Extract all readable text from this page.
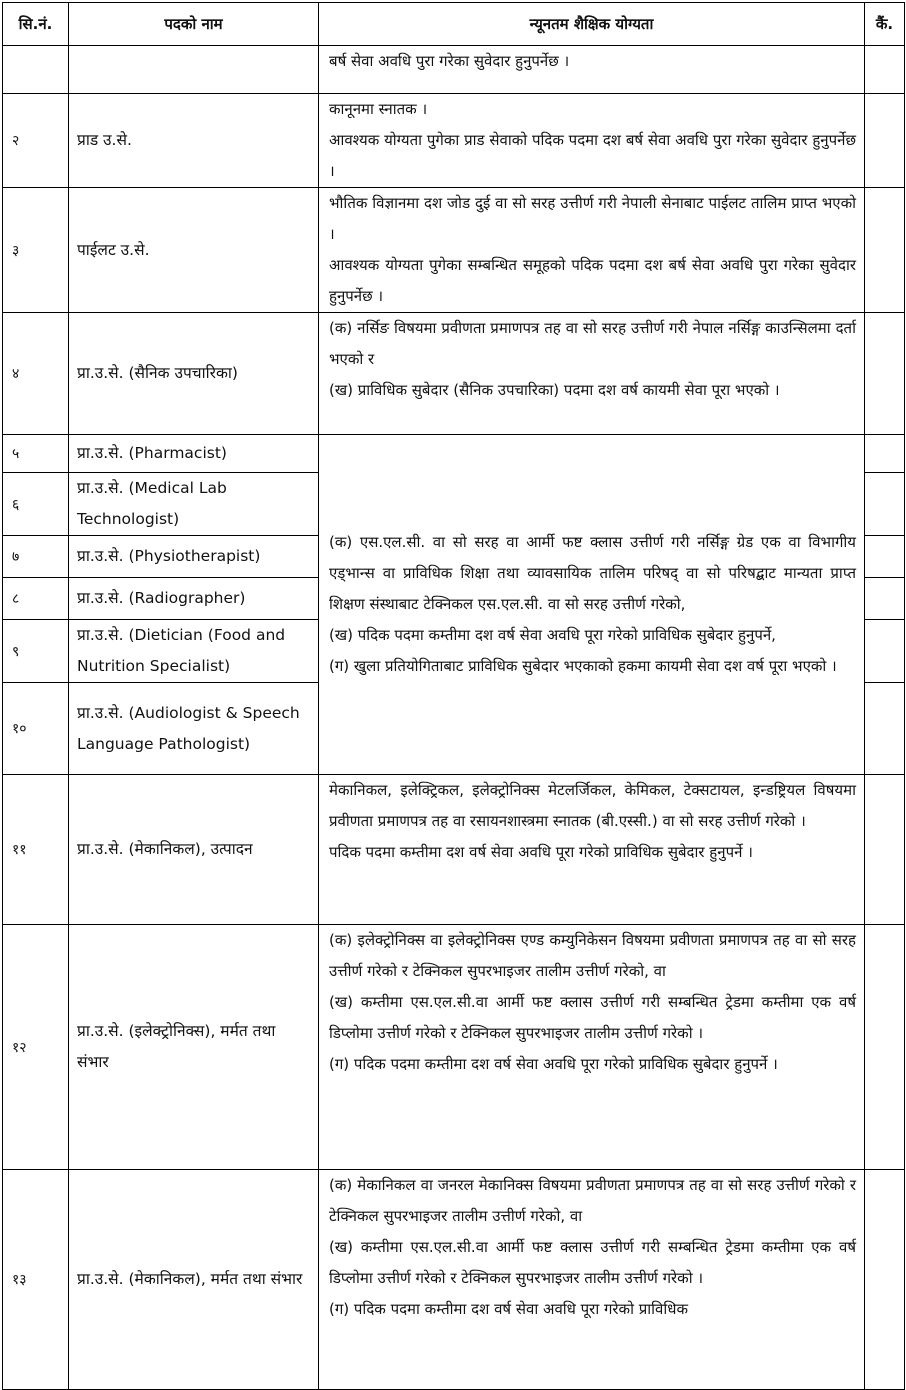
सि.नं.	पदको नाम	न्यूनतम शैक्षिक योग्यता	कैं.

		बर्ष सेवा अवधि पुरा गरेका सुवेदार हुनुपर्नेछ ।	

२	प्राड उ.से.	कानूनमा स्नातक ।
आवश्यक योग्यता पुगेका प्राड सेवाको पदिक पदमा दश बर्ष सेवा अवधि पुरा गरेका सुवेदार हुनुपर्नेछ ।	

३	पाईलट उ.से.	भौतिक विज्ञानमा दश जोड दुई वा सो सरह उत्तीर्ण गरी नेपाली सेनाबाट पाईलट तालिम प्राप्त भएको ।
आवश्यक योग्यता पुगेका सम्बन्धित समूहको पदिक पदमा दश बर्ष सेवा अवधि पुरा गरेका सुवेदार हुनुपर्नेछ ।	

४	प्रा.उ.से. (सैनिक उपचारिका)	(क) नर्सिङ विषयमा प्रवीणता प्रमाणपत्र तह वा सो सरह उत्तीर्ण गरी नेपाल नर्सिङ्ग काउन्सिलमा दर्ता भएको र
(ख) प्राविधिक सुबेदार (सैनिक उपचारिका) पदमा दश वर्ष कायमी सेवा पूरा भएको ।	

५	प्रा.उ.से. (Pharmacist)	(क) एस.एल.सी. वा सो सरह वा आर्मी फष्ट क्लास उत्तीर्ण गरी नर्सिङ्ग ग्रेड एक वा विभागीय एड्भान्स वा प्राविधिक शिक्षा तथा व्यावसायिक तालिम परिषद् वा सो परिषद्बाट मान्यता प्राप्त शिक्षण संस्थाबाट टेक्निकल एस.एल.सी. वा सो सरह उत्तीर्ण गरेको,
(ख) पदिक पदमा कम्तीमा दश वर्ष सेवा अवधि पूरा गरेको प्राविधिक सुबेदार हुनुपर्ने,
(ग) खुला प्रतियोगिताबाट प्राविधिक सुबेदार भएकाको हकमा कायमी सेवा दश वर्ष पूरा भएको ।	

६	प्रा.उ.से. (Medical Lab Technologist)		
७	प्रा.उ.से. (Physiotherapist)		
८	प्रा.उ.से. (Radiographer)		
९	प्रा.उ.से. (Dietician (Food and Nutrition Specialist)		
१०	प्रा.उ.से. (Audiologist & Speech Language Pathologist)		
११	प्रा.उ.से. (मेकानिकल), उत्पादन	मेकानिकल, इलेक्ट्रिकल, इलेक्ट्रोनिक्स मेटलर्जिकल, केमिकल, टेक्सटायल, इन्डष्ट्रियल विषयमा प्रवीणता प्रमाणपत्र तह वा रसायनशास्त्रमा स्नातक (बी.एस्सी.) वा सो सरह उत्तीर्ण गरेको ।
पदिक पदमा कम्तीमा दश वर्ष सेवा अवधि पूरा गरेको प्राविधिक सुबेदार हुनुपर्ने ।	

१२	प्रा.उ.से. (इलेक्ट्रोनिक्स), मर्मत तथा संभार	(क) इलेक्ट्रोनिक्स वा इलेक्ट्रोनिक्स एण्ड कम्युनिकेसन विषयमा प्रवीणता प्रमाणपत्र तह वा सो सरह उत्तीर्ण गरेको र टेक्निकल सुपरभाइजर तालीम उत्तीर्ण गरेको, वा
(ख) कम्तीमा एस.एल.सी.वा आर्मी फष्ट क्लास उत्तीर्ण गरी सम्बन्धित ट्रेडमा कम्तीमा एक वर्ष डिप्लोमा उत्तीर्ण गरेको र टेक्निकल सुपरभाइजर तालीम उत्तीर्ण गरेको ।
(ग) पदिक पदमा कम्तीमा दश वर्ष सेवा अवधि पूरा गरेको प्राविधिक सुबेदार हुनुपर्ने ।	

१३	प्रा.उ.से. (मेकानिकल), मर्मत तथा संभार	(क) मेकानिकल वा जनरल मेकानिक्स विषयमा प्रवीणता प्रमाणपत्र तह वा सो सरह उत्तीर्ण गरेको र टेक्निकल सुपरभाइजर तालीम उत्तीर्ण गरेको, वा
(ख) कम्तीमा एस.एल.सी.वा आर्मी फष्ट क्लास उत्तीर्ण गरी सम्बन्धित ट्रेडमा कम्तीमा एक वर्ष डिप्लोमा उत्तीर्ण गरेको र टेक्निकल सुपरभाइजर तालीम उत्तीर्ण गरेको ।
(ग) पदिक पदमा कम्तीमा दश वर्ष सेवा अवधि पूरा गरेको प्राविधिक	
